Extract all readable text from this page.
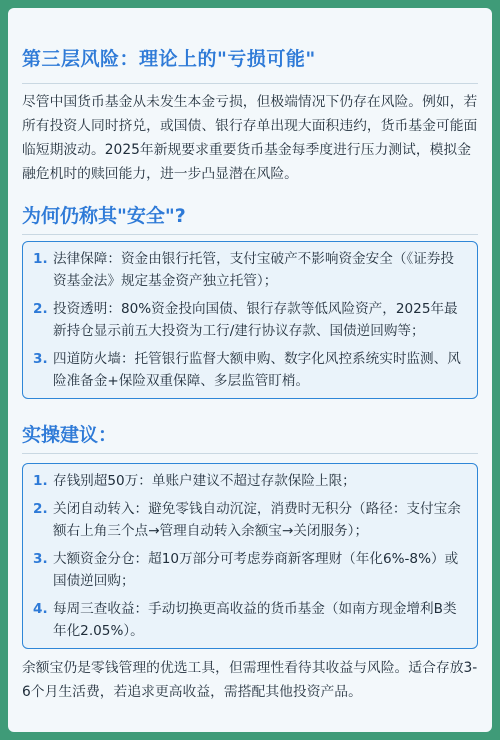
第三层风险：理论上的"亏损可能"

尽管中国货币基金从未发生本金亏损，但极端情况下仍存在风险。例如，若所有投资人同时挤兑，或国债、银行存单出现大面积违约，货币基金可能面临短期波动。2025年新规要求重要货币基金每季度进行压力测试，模拟金融危机时的赎回能力，进一步凸显潜在风险。

为何仍称其"安全"?
1. 法律保障：资金由银行托管，支付宝破产不影响资金安全（《证券投资基金法》规定基金资产独立托管）；
2. 投资透明：80%资金投向国债、银行存款等低风险资产，2025年最新持仓显示前五大投资为工行/建行协议存款、国债逆回购等；
3. 四道防火墙：托管银行监督大额申购、数字化风控系统实时监测、风险准备金+保险双重保障、多层监管盯梢。
实操建议：
1. 存钱别超50万：单账户建议不超过存款保险上限；
2. 关闭自动转入：避免零钱自动沉淀，消费时无积分（路径：支付宝余额右上角三个点→管理自动转入余额宝→关闭服务）；
3. 大额资金分仓：超10万部分可考虑券商新客理财（年化6%-8%）或国债逆回购；
4. 每周三查收益：手动切换更高收益的货币基金（如南方现金增利B类年化2.05%）。

余额宝仍是零钱管理的优选工具，但需理性看待其收益与风险。适合存放3-6个月生活费，若追求更高收益，需搭配其他投资产品。
